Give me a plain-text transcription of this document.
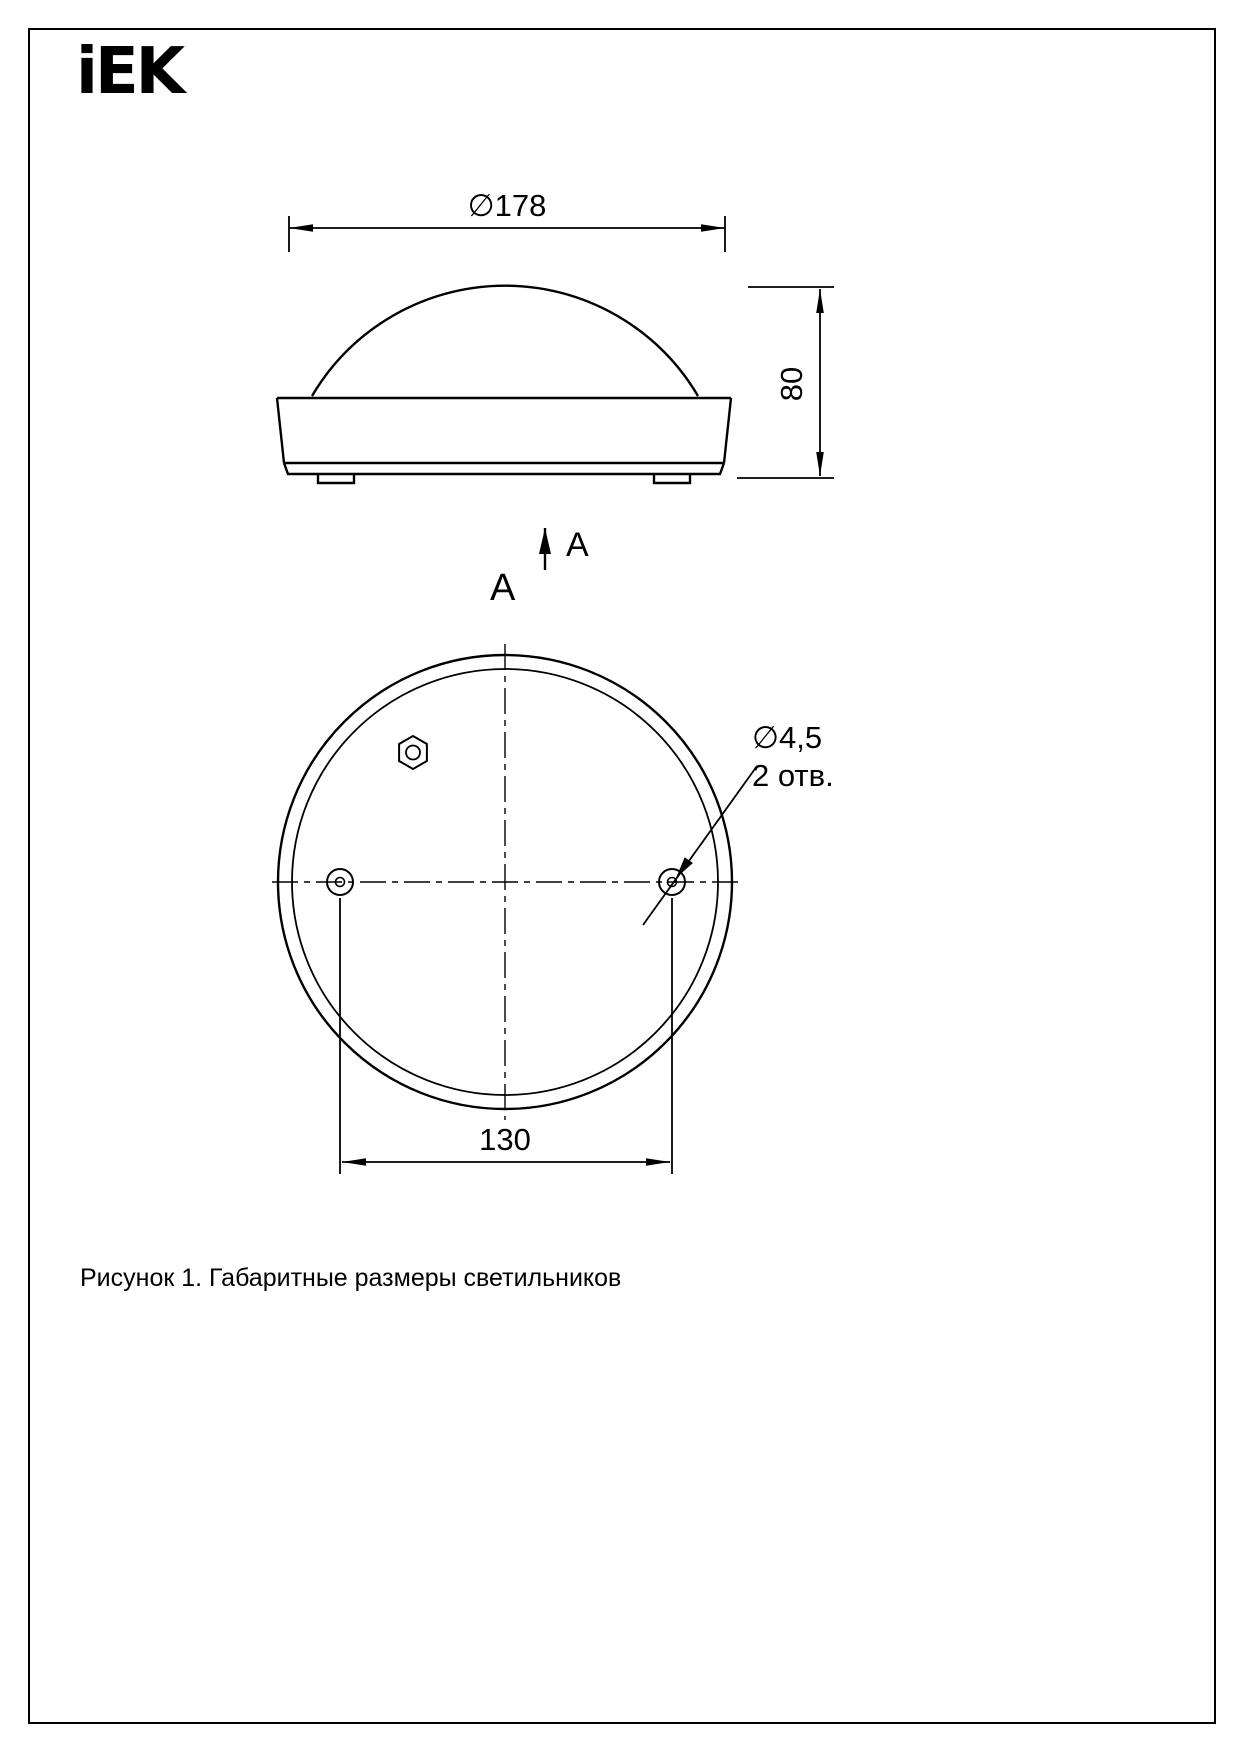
iEK
∅178
80
A
A
∅4,5
2 отв.
130
Рисунок 1. Габаритные размеры светильников
